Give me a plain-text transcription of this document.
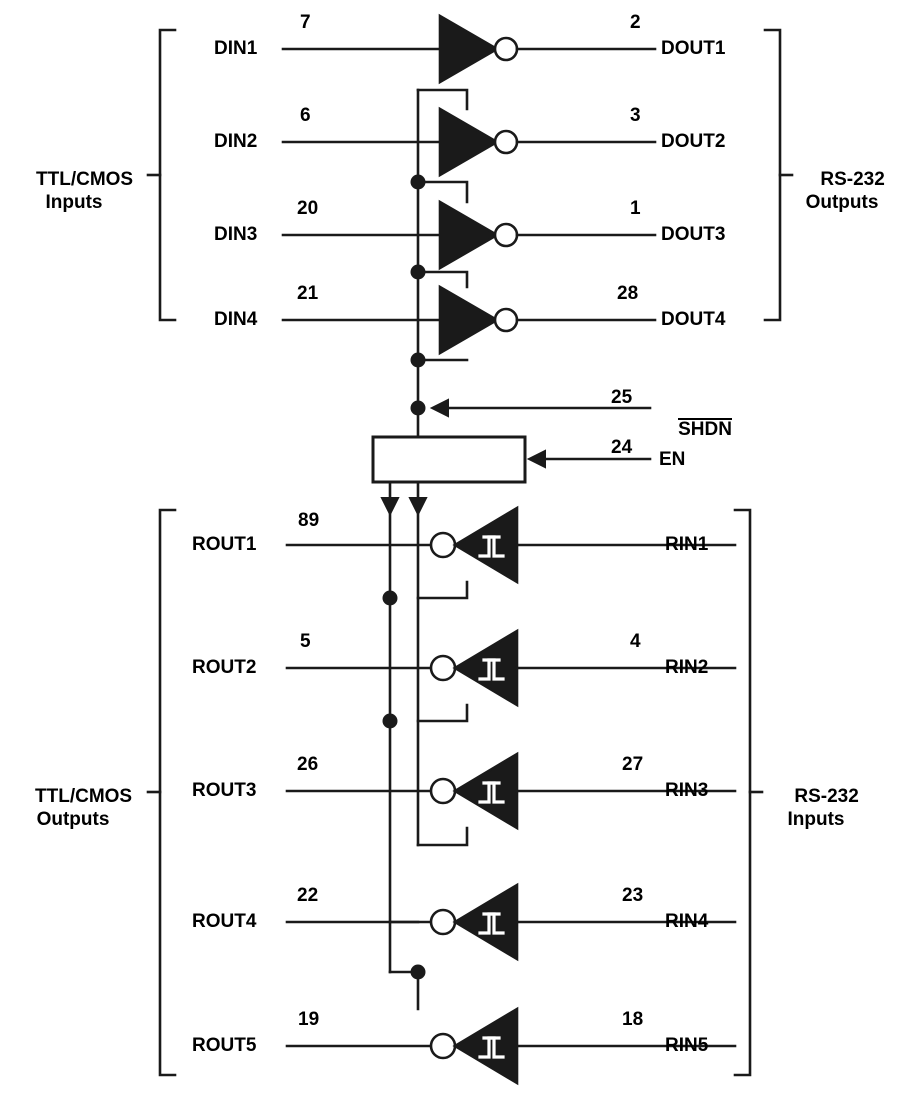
TTL/CMOS
Inputs

RS-232
Outputs

TTL/CMOS
Outputs

RS-232
Inputs

DIN1
7
DOUT1
2
DIN2
6
DOUT2
3
DIN3
20
DOUT3
1
DIN4
21
DOUT4
28

SHDN

25
EN
24
ROUT1
89
RIN1
ROUT2
5
RIN2
4
ROUT3
26
RIN3
27
ROUT4
22
RIN4
23
ROUT5
19
RIN5
18
